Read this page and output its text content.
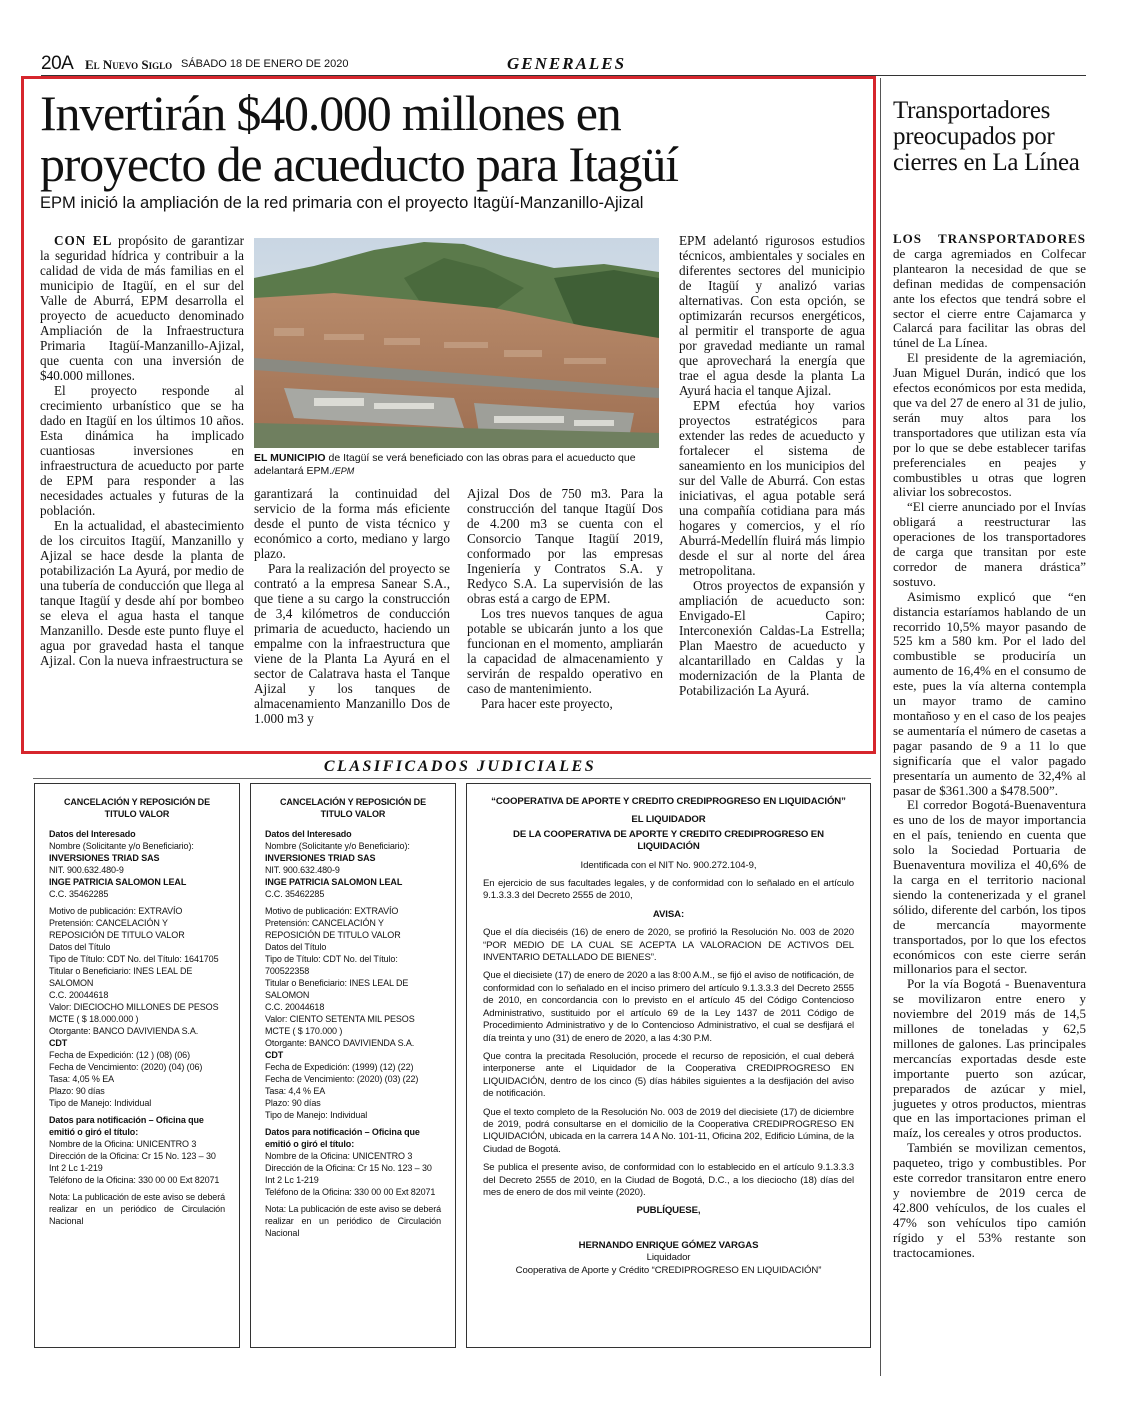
20A El Nuevo Siglo SÁBADO 18 DE ENERO DE 2020	GENERALES
Invertirán $40.000 millones en
proyecto de acueducto para Itagüí
EPM inició la ampliación de la red primaria con el proyecto Itagüí-Manzanillo-Ajizal

CON EL propósito de garantizar la seguridad hídrica y contribuir a la calidad de vida de más familias en el municipio de Itagüí, en el sur del Valle de Aburrá, EPM desarrolla el proyecto de acueducto denominado Ampliación de la Infraestructura Primaria Itagüí-Manzanillo-Ajizal, que cuenta con una inversión de $40.000 millones.

El proyecto responde al crecimiento urbanístico que se ha dado en Itagüí en los últimos 10 años. Esta dinámica ha implicado cuantiosas inversiones en infraestructura de acueducto por parte de EPM para responder a las necesidades actuales y futuras de la población.

En la actualidad, el abastecimiento de los circuitos Itagüí, Manzanillo y Ajizal se hace desde la planta de potabilización La Ayurá, por medio de una tubería de conducción que llega al tanque Itagüí y desde ahí por bombeo se eleva el agua hasta el tanque Manzanillo. Desde este punto fluye el agua por gravedad hasta el tanque Ajizal. Con la nueva infraestructura se

EL MUNICIPIO de Itagüí se verá beneficiado con las obras para el acueducto que adelantará EPM./EPM

garantizará la continuidad del servicio de la forma más eficiente desde el punto de vista técnico y económico a corto, mediano y largo plazo.

Para la realización del proyecto se contrató a la empresa Sanear S.A., que tiene a su cargo la construcción de 3,4 kilómetros de conducción primaria de acueducto, haciendo un empalme con la infraestructura que viene de la Planta La Ayurá en el sector de Calatrava hasta el Tanque Ajizal y los tanques de almacenamiento Manzanillo Dos de 1.000 m3 y

Ajizal Dos de 750 m3. Para la construcción del tanque Itagüí Dos de 4.200 m3 se cuenta con el Consorcio Tanque Itagüí 2019, conformado por las empresas Ingeniería y Contratos S.A. y Redyco S.A. La supervisión de las obras está a cargo de EPM.

Los tres nuevos tanques de agua potable se ubicarán junto a los que funcionan en el momento, ampliarán la capacidad de almacenamiento y servirán de respaldo operativo en caso de mantenimiento.

Para hacer este proyecto,

EPM adelantó rigurosos estudios técnicos, ambientales y sociales en diferentes sectores del municipio de Itagüí y analizó varias alternativas. Con esta opción, se optimizarán recursos energéticos, al permitir el transporte de agua por gravedad mediante un ramal que aprovechará la energía que trae el agua desde la planta La Ayurá hacia el tanque Ajizal.

EPM efectúa hoy varios proyectos estratégicos para extender las redes de acueducto y fortalecer el sistema de saneamiento en los municipios del sur del Valle de Aburrá. Con estas iniciativas, el agua potable será una compañía cotidiana para más hogares y comercios, y el río Aburrá-Medellín fluirá más limpio desde el sur al norte del área metropolitana.

Otros proyectos de expansión y ampliación de acueducto son: Envigado-El Capiro; Interconexión Caldas-La Estrella; Plan Maestro de acueducto y alcantarillado en Caldas y la modernización de la Planta de Potabilización La Ayurá.

Transportadores preocupados por cierres en La Línea

LOS TRANSPORTADORES de carga agremiados en Colfecar plantearon la necesidad de que se definan medidas de compensación ante los efectos que tendrá sobre el sector el cierre entre Cajamarca y Calarcá para facilitar las obras del túnel de La Línea.

El presidente de la agremiación, Juan Miguel Durán, indicó que los efectos económicos por esta medida, que va del 27 de enero al 31 de julio, serán muy altos para los transportadores que utilizan esta vía por lo que se debe establecer tarifas preferenciales en peajes y combustibles u otras que logren aliviar los sobrecostos.

“El cierre anunciado por el Invías obligará a reestructurar las operaciones de los transportadores de carga que transitan por este corredor de manera drástica” sostuvo.

Asimismo explicó que “en distancia estaríamos hablando de un recorrido 10,5% mayor pasando de 525 km a 580 km. Por el lado del combustible se produciría un aumento de 16,4% en el consumo de este, pues la vía alterna contempla un mayor tramo de camino montañoso y en el caso de los peajes se aumentaría el número de casetas a pagar pasando de 9 a 11 lo que significaría que el valor pagado presentaría un aumento de 32,4% al pasar de $361.300 a $478.500”.

El corredor Bogotá-Buenaventura es uno de los de mayor importancia en el país, teniendo en cuenta que solo la Sociedad Portuaria de Buenaventura moviliza el 40,6% de la carga en el territorio nacional siendo la contenerizada y el granel sólido, diferente del carbón, los tipos de mercancía mayormente transportados, por lo que los efectos económicos con este cierre serán millonarios para el sector.

Por la vía Bogotá - Buenaventura se movilizaron entre enero y noviembre del 2019 más de 14,5 millones de toneladas y 62,5 millones de galones. Las principales mercancías exportadas desde este importante puerto son azúcar, preparados de azúcar y miel, juguetes y otros productos, mientras que en las importaciones priman el maíz, los cereales y otros productos.

También se movilizan cementos, paqueteo, trigo y combustibles. Por este corredor transitaron entre enero y noviembre de 2019 cerca de 42.800 vehículos, de los cuales el 47% son vehículos tipo camión rígido y el 53% restante son tractocamiones.

CLASIFICADOS JUDICIALES
CANCELACIÓN Y REPOSICIÓN DE TITULO VALOR
Datos del Interesado
Nombre (Solicitante y/o Beneficiario):
INVERSIONES TRIAD SAS
NIT. 900.632.480-9
INGE PATRICIA SALOMON LEAL
C.C. 35462285
Motivo de publicación: EXTRAVÍO
Pretensión: CANCELACIÓN Y REPOSICIÓN DE TITULO VALOR
Datos del Título
Tipo de Título: CDT No. del Título: 1641705
Titular o Beneficiario: INES LEAL DE SALOMON
C.C. 20044618
Valor: DIECIOCHO MILLONES DE PESOS MCTE ( $ 18.000.000 )
Otorgante: BANCO DAVIVIENDA S.A.
CDT
Fecha de Expedición: (12 ) (08) (06)
Fecha de Vencimiento: (2020) (04) (06)
Tasa: 4,05 % EA
Plazo: 90 días
Tipo de Manejo: Individual
Datos para notificación – Oficina que emitió o giró el título:
Nombre de la Oficina: UNICENTRO 3
Dirección de la Oficina: Cr 15 No. 123 – 30 Int 2 Lc 1-219
Teléfono de la Oficina: 330 00 00 Ext 82071
Nota: La publicación de este aviso se deberá realizar en un periódico de Circulación Nacional
CANCELACIÓN Y REPOSICIÓN DE TITULO VALOR
Datos del Interesado
Nombre (Solicitante y/o Beneficiario):
INVERSIONES TRIAD SAS
NIT. 900.632.480-9
INGE PATRICIA SALOMON LEAL
C.C. 35462285
Motivo de publicación: EXTRAVÍO
Pretensión: CANCELACIÓN Y REPOSICIÓN DE TITULO VALOR
Datos del Título
Tipo de Título: CDT No. del Título: 700522358
Titular o Beneficiario: INES LEAL DE SALOMON
C.C. 20044618
Valor: CIENTO SETENTA MIL PESOS MCTE ( $ 170.000 )
Otorgante: BANCO DAVIVIENDA S.A.
CDT
Fecha de Expedición: (1999) (12) (22)
Fecha de Vencimiento: (2020) (03) (22)
Tasa: 4,4 % EA
Plazo: 90 días
Tipo de Manejo: Individual
Datos para notificación – Oficina que emitió o giró el título:
Nombre de la Oficina: UNICENTRO 3
Dirección de la Oficina: Cr 15 No. 123 – 30 Int 2 Lc 1-219
Teléfono de la Oficina: 330 00 00 Ext 82071
Nota: La publicación de este aviso se deberá realizar en un periódico de Circulación Nacional

“COOPERATIVA DE APORTE Y CREDITO CREDIPROGRESO EN LIQUIDACIÓN”

EL LIQUIDADOR

DE LA COOPERATIVA DE APORTE Y CREDITO CREDIPROGRESO EN LIQUIDACIÓN

Identificada con el NIT No. 900.272.104-9,

En ejercicio de sus facultades legales, y de conformidad con lo señalado en el artículo 9.1.3.3.3 del Decreto 2555 de 2010,

AVISA:

Que el día dieciséis (16) de enero de 2020, se profirió la Resolución No. 003 de 2020 “POR MEDIO DE LA CUAL SE ACEPTA LA VALORACION DE ACTIVOS DEL INVENTARIO DETALLADO DE BIENES”.

Que el diecisiete (17) de enero de 2020 a las 8:00 A.M., se fijó el aviso de notificación, de conformidad con lo señalado en el inciso primero del artículo 9.1.3.3.3 del Decreto 2555 de 2010, en concordancia con lo previsto en el artículo 45 del Código Contencioso Administrativo, sustituido por el artículo 69 de la Ley 1437 de 2011 Código de Procedimiento Administrativo y de lo Contencioso Administrativo, el cual se desfijará el día treinta y uno (31) de enero de 2020, a las 4:30 P.M.

Que contra la precitada Resolución, procede el recurso de reposición, el cual deberá interponerse ante el Liquidador de la Cooperativa CREDIPROGRESO EN LIQUIDACIÓN, dentro de los cinco (5) días hábiles siguientes a la desfijación del aviso de notificación.

Que el texto completo de la Resolución No. 003 de 2019 del diecisiete (17) de diciembre de 2019, podrá consultarse en el domicilio de la Cooperativa CREDIPROGRESO EN LIQUIDACIÓN, ubicada en la carrera 14 A No. 101-11, Oficina 202, Edificio Lúmina, de la Ciudad de Bogotá.

Se publica el presente aviso, de conformidad con lo establecido en el artículo 9.1.3.3.3 del Decreto 2555 de 2010, en la Ciudad de Bogotá, D.C., a los dieciocho (18) días del mes de enero de dos mil veinte (2020).

PUBLÍQUESE,

HERNANDO ENRIQUE GÓMEZ VARGAS

Liquidador

Cooperativa de Aporte y Crédito “CREDIPROGRESO EN LIQUIDACIÓN”
